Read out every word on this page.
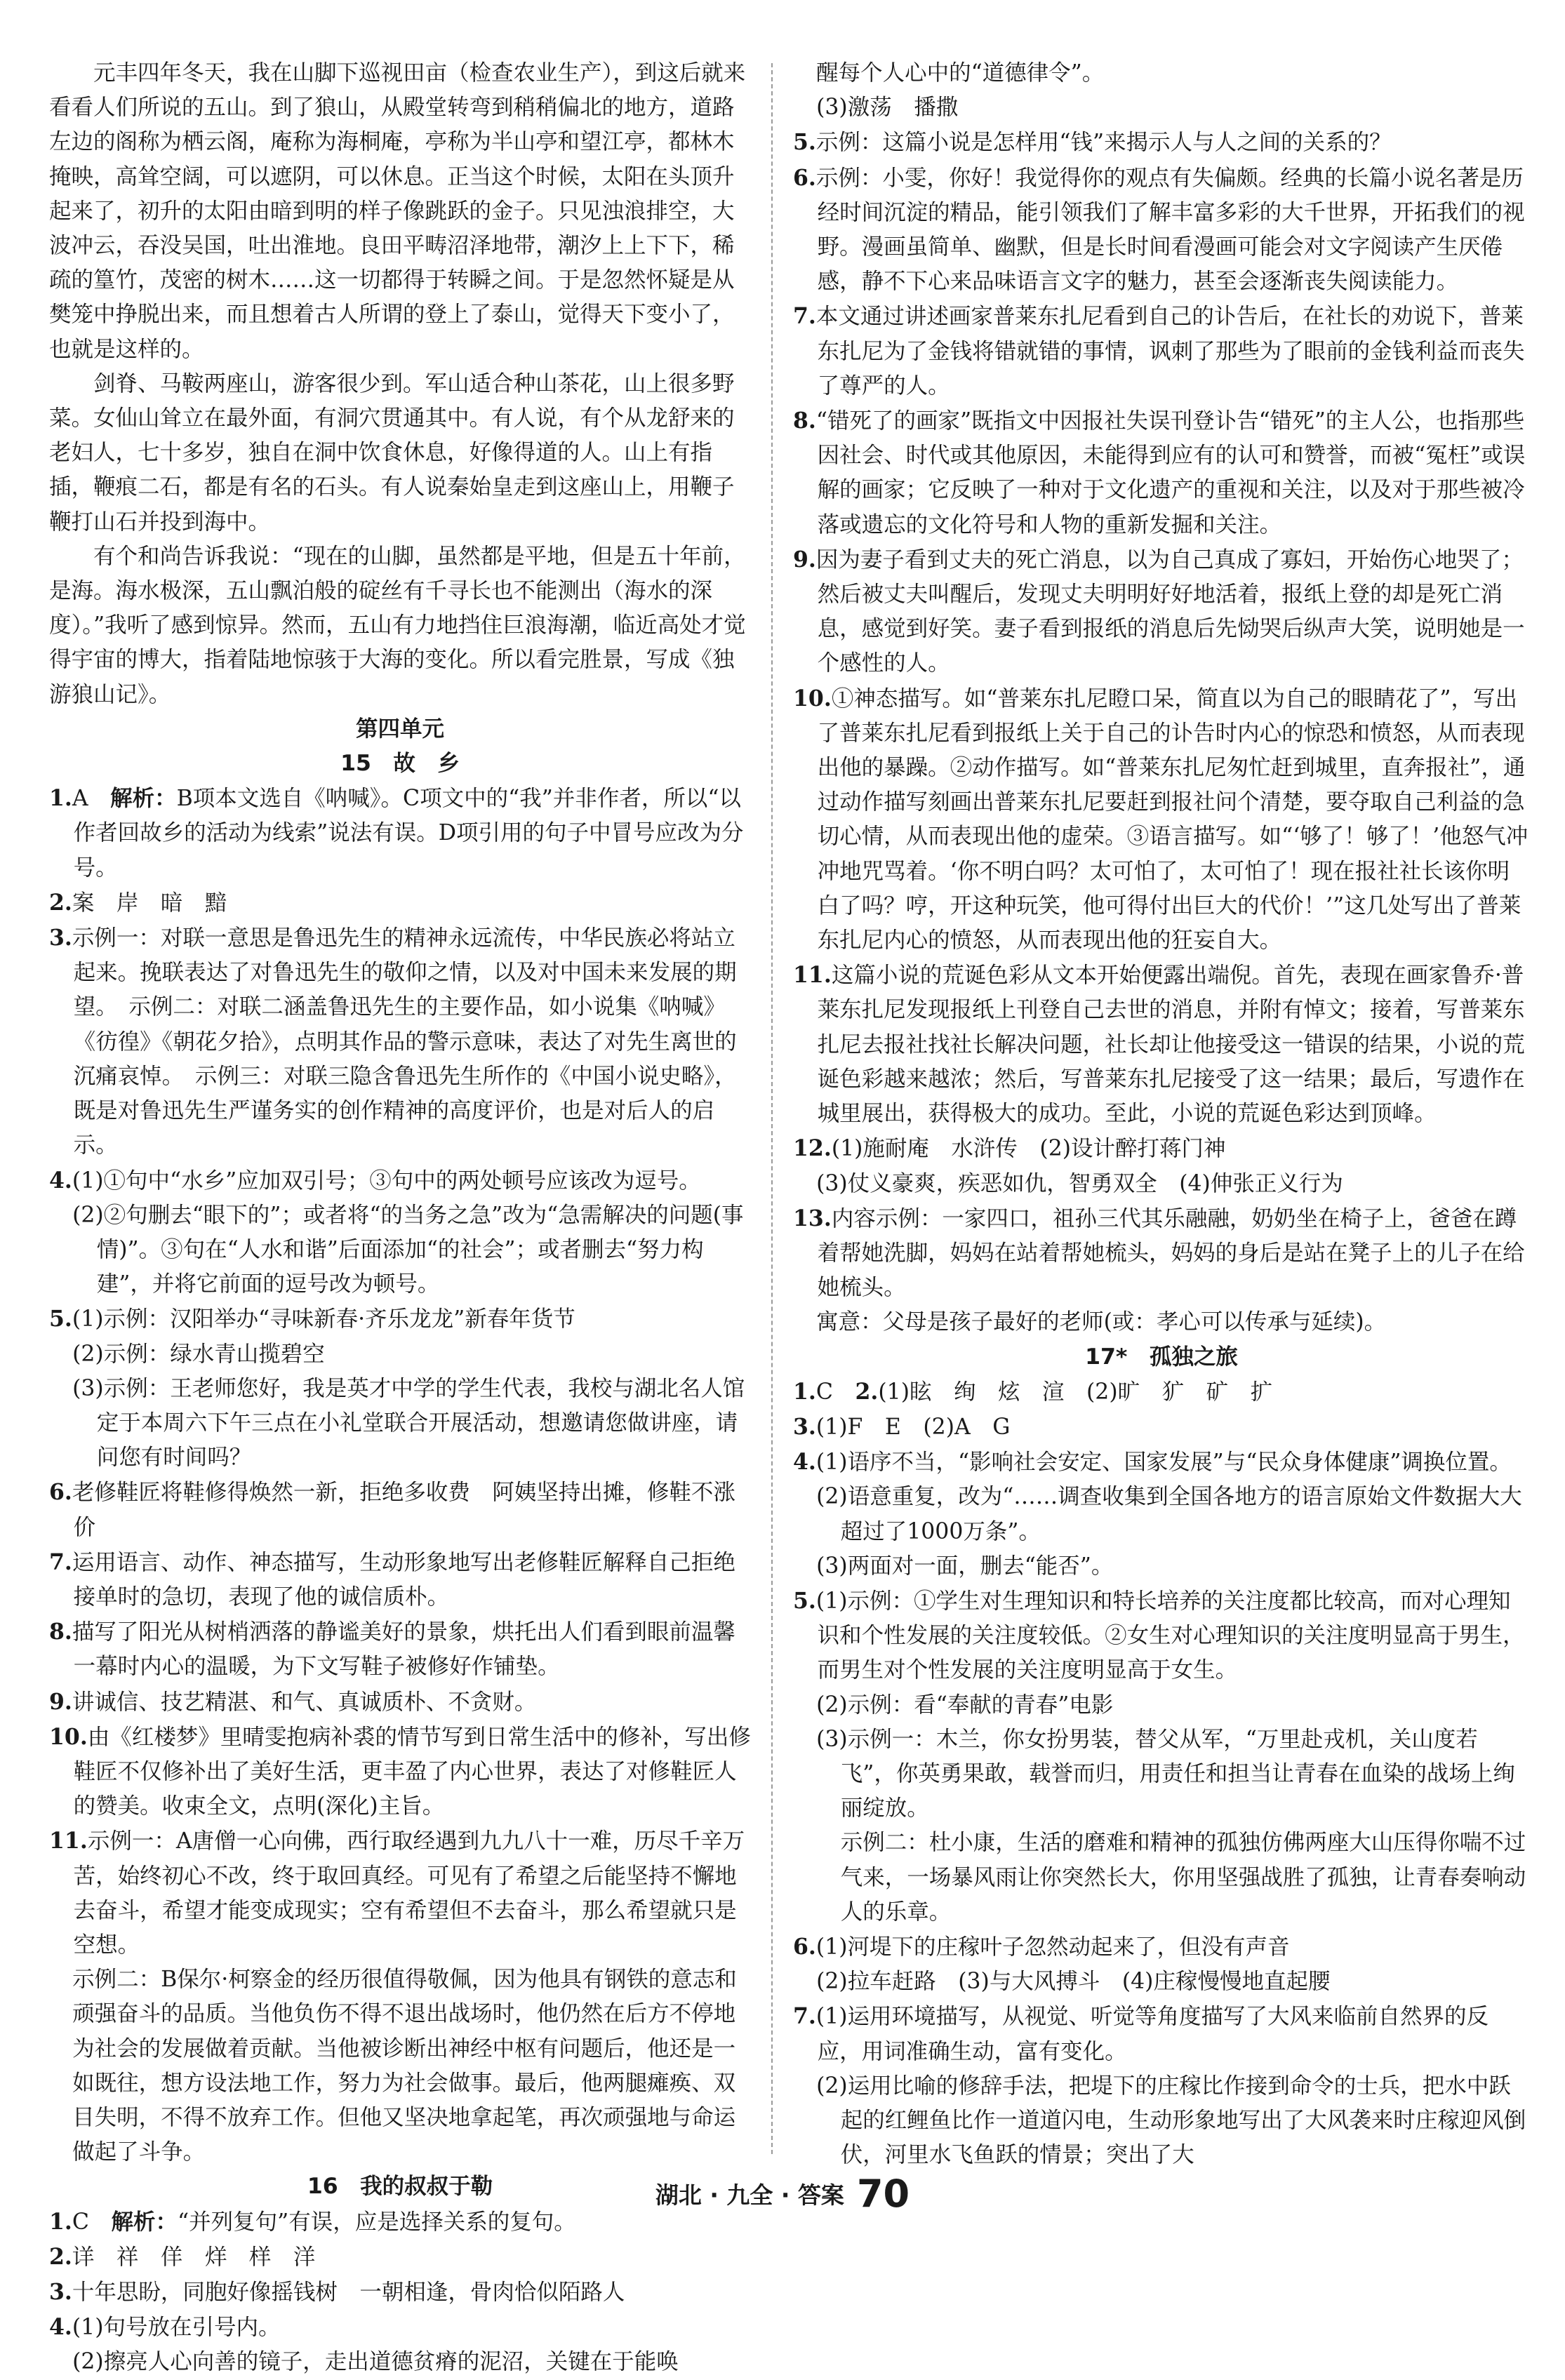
元丰四年冬天，我在山脚下巡视田亩（检查农业生产），到这后就来看看人们所说的五山。到了狼山，从殿堂转弯到稍稍偏北的地方，道路左边的阁称为栖云阁，庵称为海桐庵，亭称为半山亭和望江亭，都林木掩映，高耸空阔，可以遮阴，可以休息。正当这个时候，太阳在头顶升起来了，初升的太阳由暗到明的样子像跳跃的金子。只见浊浪排空，大波冲云，吞没吴国，吐出淮地。良田平畴沼泽地带，潮汐上上下下，稀疏的篁竹，茂密的树木……这一切都得于转瞬之间。于是忽然怀疑是从樊笼中挣脱出来，而且想着古人所谓的登上了泰山，觉得天下变小了，也就是这样的。

剑脊、马鞍两座山，游客很少到。军山适合种山茶花，山上很多野菜。女仙山耸立在最外面，有洞穴贯通其中。有人说，有个从龙舒来的老妇人，七十多岁，独自在洞中饮食休息，好像得道的人。山上有指插，鞭痕二石，都是有名的石头。有人说秦始皇走到这座山上，用鞭子鞭打山石并投到海中。

有个和尚告诉我说：“现在的山脚，虽然都是平地，但是五十年前，是海。海水极深，五山飘泊般的碇丝有千寻长也不能测出（海水的深度）。”我听了感到惊异。然而，五山有力地挡住巨浪海潮，临近高处才觉得宇宙的博大，指着陆地惊骇于大海的变化。所以看完胜景，写成《独游狼山记》。

第四单元

15　故　乡

1.A　解析：B项本文选自《呐喊》。C项文中的“我”并非作者，所以“以作者回故乡的活动为线索”说法有误。D项引用的句子中冒号应改为分号。

2.案　岸　暗　黯

3.示例一：对联一意思是鲁迅先生的精神永远流传，中华民族必将站立起来。挽联表达了对鲁迅先生的敬仰之情，以及对中国未来发展的期望。　示例二：对联二涵盖鲁迅先生的主要作品，如小说集《呐喊》《彷徨》《朝花夕拾》，点明其作品的警示意味，表达了对先生离世的沉痛哀悼。　示例三：对联三隐含鲁迅先生所作的《中国小说史略》，既是对鲁迅先生严谨务实的创作精神的高度评价，也是对后人的启示。

4.(1)①句中“水乡”应加双引号；③句中的两处顿号应该改为逗号。

(2)②句删去“眼下的”；或者将“的当务之急”改为“急需解决的问题(事情)”。③句在“人水和谐”后面添加“的社会”；或者删去“努力构建”，并将它前面的逗号改为顿号。

5.(1)示例：汉阳举办“寻味新春·齐乐龙龙”新春年货节

(2)示例：绿水青山揽碧空

(3)示例：王老师您好，我是英才中学的学生代表，我校与湖北名人馆定于本周六下午三点在小礼堂联合开展活动，想邀请您做讲座，请问您有时间吗？

6.老修鞋匠将鞋修得焕然一新，拒绝多收费　阿姨坚持出摊，修鞋不涨价

7.运用语言、动作、神态描写，生动形象地写出老修鞋匠解释自己拒绝接单时的急切，表现了他的诚信质朴。

8.描写了阳光从树梢洒落的静谧美好的景象，烘托出人们看到眼前温馨一幕时内心的温暖，为下文写鞋子被修好作铺垫。

9.讲诚信、技艺精湛、和气、真诚质朴、不贪财。

10.由《红楼梦》里晴雯抱病补裘的情节写到日常生活中的修补，写出修鞋匠不仅修补出了美好生活，更丰盈了内心世界，表达了对修鞋匠人的赞美。收束全文，点明(深化)主旨。

11.示例一：A唐僧一心向佛，西行取经遇到九九八十一难，历尽千辛万苦，始终初心不改，终于取回真经。可见有了希望之后能坚持不懈地去奋斗，希望才能变成现实；空有希望但不去奋斗，那么希望就只是空想。

示例二：B保尔·柯察金的经历很值得敬佩，因为他具有钢铁的意志和顽强奋斗的品质。当他负伤不得不退出战场时，他仍然在后方不停地为社会的发展做着贡献。当他被诊断出神经中枢有问题后，他还是一如既往，想方设法地工作，努力为社会做事。最后，他两腿瘫痪、双目失明，不得不放弃工作。但他又坚决地拿起笔，再次顽强地与命运做起了斗争。

16　我的叔叔于勒

1.C　解析：“并列复句”有误，应是选择关系的复句。

2.详　祥　佯　烊　样　洋

3.十年思盼，同胞好像摇钱树　一朝相逢，骨肉恰似陌路人

4.(1)句号放在引号内。

(2)擦亮人心向善的镜子，走出道德贫瘠的泥沼，关键在于能唤

醒每个人心中的“道德律令”。

(3)激荡　播撒

5.示例：这篇小说是怎样用“钱”来揭示人与人之间的关系的？

6.示例：小雯，你好！我觉得你的观点有失偏颇。经典的长篇小说名著是历经时间沉淀的精品，能引领我们了解丰富多彩的大千世界，开拓我们的视野。漫画虽简单、幽默，但是长时间看漫画可能会对文字阅读产生厌倦感，静不下心来品味语言文字的魅力，甚至会逐渐丧失阅读能力。

7.本文通过讲述画家普莱东扎尼看到自己的讣告后，在社长的劝说下，普莱东扎尼为了金钱将错就错的事情，讽刺了那些为了眼前的金钱利益而丧失了尊严的人。

8.“错死了的画家”既指文中因报社失误刊登讣告“错死”的主人公，也指那些因社会、时代或其他原因，未能得到应有的认可和赞誉，而被“冤枉”或误解的画家；它反映了一种对于文化遗产的重视和关注，以及对于那些被冷落或遗忘的文化符号和人物的重新发掘和关注。

9.因为妻子看到丈夫的死亡消息，以为自己真成了寡妇，开始伤心地哭了；然后被丈夫叫醒后，发现丈夫明明好好地活着，报纸上登的却是死亡消息，感觉到好笑。妻子看到报纸的消息后先恸哭后纵声大笑，说明她是一个感性的人。

10.①神态描写。如“普莱东扎尼瞪口呆，简直以为自己的眼睛花了”，写出了普莱东扎尼看到报纸上关于自己的讣告时内心的惊恐和愤怒，从而表现出他的暴躁。②动作描写。如“普莱东扎尼匆忙赶到城里，直奔报社”，通过动作描写刻画出普莱东扎尼要赶到报社问个清楚，要夺取自己利益的急切心情，从而表现出他的虚荣。③语言描写。如“‘够了！够了！’他怒气冲冲地咒骂着。‘你不明白吗？太可怕了，太可怕了！现在报社社长该你明白了吗？哼，开这种玩笑，他可得付出巨大的代价！’”这几处写出了普莱东扎尼内心的愤怒，从而表现出他的狂妄自大。

11.这篇小说的荒诞色彩从文本开始便露出端倪。首先，表现在画家鲁乔·普莱东扎尼发现报纸上刊登自己去世的消息，并附有悼文；接着，写普莱东扎尼去报社找社长解决问题，社长却让他接受这一错误的结果，小说的荒诞色彩越来越浓；然后，写普莱东扎尼接受了这一结果；最后，写遗作在城里展出，获得极大的成功。至此，小说的荒诞色彩达到顶峰。

12.(1)施耐庵　水浒传　(2)设计醉打蒋门神

(3)仗义豪爽，疾恶如仇，智勇双全　(4)伸张正义行为

13.内容示例：一家四口，祖孙三代其乐融融，奶奶坐在椅子上，爸爸在蹲着帮她洗脚，妈妈在站着帮她梳头，妈妈的身后是站在凳子上的儿子在给她梳头。

寓意：父母是孩子最好的老师(或：孝心可以传承与延续)。

17*　孤独之旅

1.C　2.(1)眩　绚　炫　渲　(2)旷　犷　矿　扩

3.(1)F　E　(2)A　G

4.(1)语序不当，“影响社会安定、国家发展”与“民众身体健康”调换位置。

(2)语意重复，改为“……调查收集到全国各地方的语言原始文件数据大大超过了1000万条”。

(3)两面对一面，删去“能否”。

5.(1)示例：①学生对生理知识和特长培养的关注度都比较高，而对心理知识和个性发展的关注度较低。②女生对心理知识的关注度明显高于男生，而男生对个性发展的关注度明显高于女生。

(2)示例：看“奉献的青春”电影

(3)示例一：木兰，你女扮男装，替父从军，“万里赴戎机，关山度若飞”，你英勇果敢，载誉而归，用责任和担当让青春在血染的战场上绚丽绽放。

示例二：杜小康，生活的磨难和精神的孤独仿佛两座大山压得你喘不过气来，一场暴风雨让你突然长大，你用坚强战胜了孤独，让青春奏响动人的乐章。

6.(1)河堤下的庄稼叶子忽然动起来了，但没有声音

(2)拉车赶路　(3)与大风搏斗　(4)庄稼慢慢地直起腰

7.(1)运用环境描写，从视觉、听觉等角度描写了大风来临前自然界的反应，用词准确生动，富有变化。

(2)运用比喻的修辞手法，把堤下的庄稼比作接到命令的士兵，把水中跃起的红鲤鱼比作一道道闪电，生动形象地写出了大风袭来时庄稼迎风倒伏，河里水飞鱼跃的情景；突出了大

湖北 · 九全 · 答案 70
